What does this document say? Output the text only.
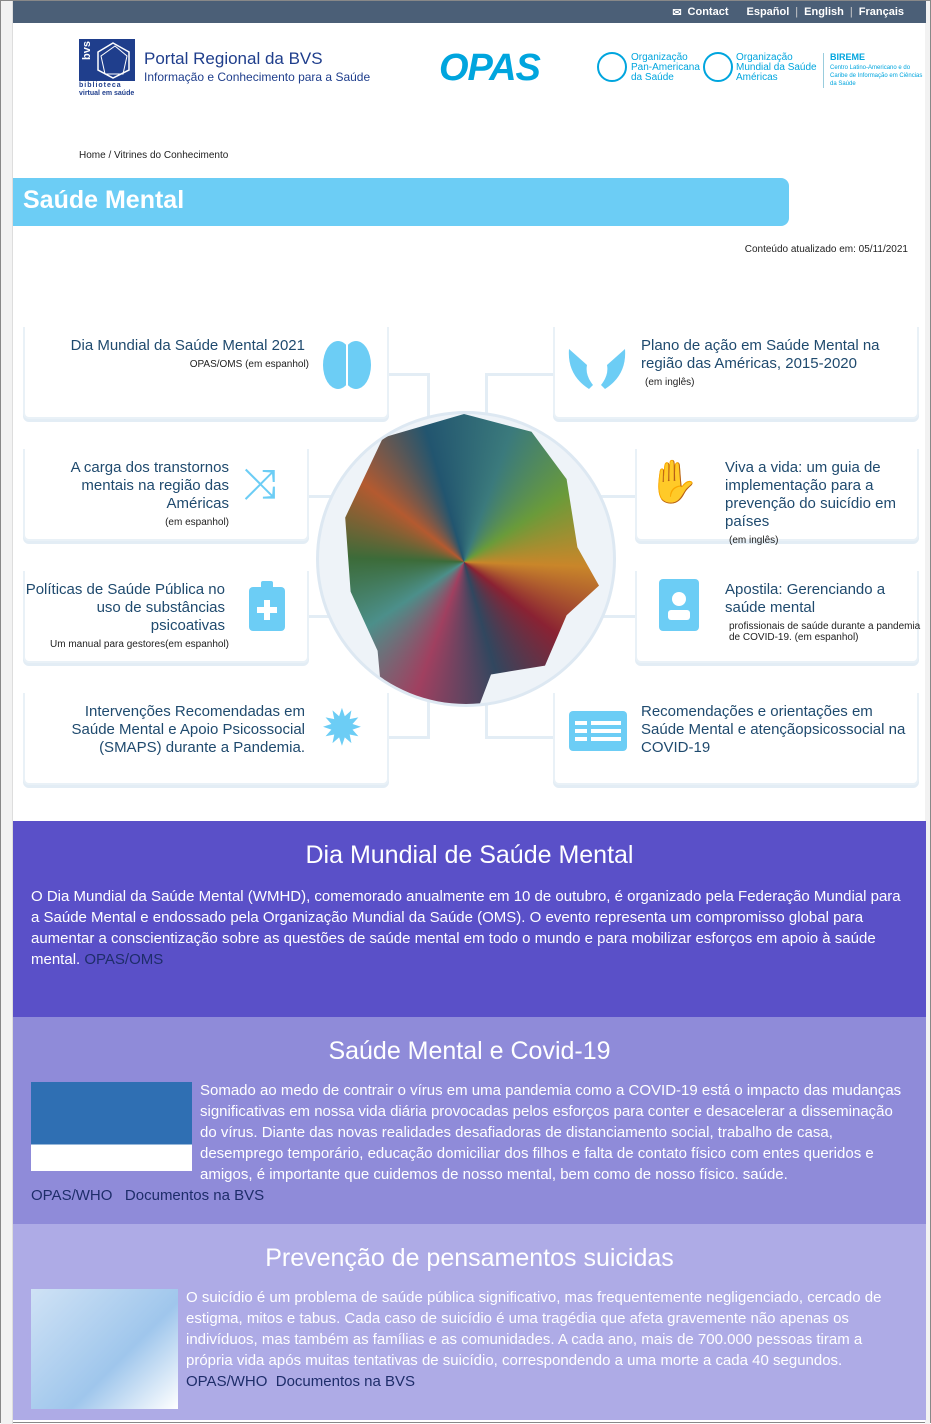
✉ Contact Español | English | Français
bvs
biblioteca
virtual em saúde
Portal Regional da BVS
Informação e Conhecimento para a Saúde OPAS	Organização
Pan-Americana
da Saúde
Organização
Mundial da Saúde
Américas
BIREME
Centro Latino-Americano e do Caribe de Informação em Ciências da Saúde
Home / Vitrines do Conhecimento
Saúde Mental
Conteúdo atualizado em: 05/11/2021
Dia Mundial da Saúde Mental 2021
OPAS/OMS (em espanhol)
A carga dos transtornos mentais na região das Américas
(em espanhol)
⤨
Políticas de Saúde Pública no uso de substâncias psicoativas
Um manual para gestores(em espanhol)
Intervenções Recomendadas em Saúde Mental e Apoio Psicossocial (SMAPS) durante a Pandemia. ✹
Plano de ação em Saúde Mental na região das Américas, 2015-2020
(em inglês)
✋ Viva a vida: um guia de implementação para a prevenção do suicídio em países
(em inglês)
Apostila: Gerenciando a saúde mental
profissionais de saúde durante a pandemia de COVID-19. (em espanhol)
Recomendações e orientações em Saúde Mental e atençãopsicossocial na COVID-19
Dia Mundial de Saúde Mental

O Dia Mundial da Saúde Mental (WMHD), comemorado anualmente em 10 de outubro, é organizado pela Federação Mundial para a Saúde Mental e endossado pela Organização Mundial da Saúde (OMS). O evento representa um compromisso global para aumentar a conscientização sobre as questões de saúde mental em todo o mundo e para mobilizar esforços em apoio à saúde mental. OPAS/OMS

Saúde Mental e Covid-19

Somado ao medo de contrair o vírus em uma pandemia como a COVID-19 está o impacto das mudanças significativas em nossa vida diária provocadas pelos esforços para conter e desacelerar a disseminação do vírus. Diante das novas realidades desafiadoras de distanciamento social, trabalho de casa, desemprego temporário, educação domiciliar dos filhos e falta de contato físico com entes queridos e amigos, é importante que cuidemos de nosso mental, bem como de nosso físico. saúde. OPAS/WHO Documentos na BVS

Prevenção de pensamentos suicidas

O suicídio é um problema de saúde pública significativo, mas frequentemente negligenciado, cercado de estigma, mitos e tabus. Cada caso de suicídio é uma tragédia que afeta gravemente não apenas os indivíduos, mas também as famílias e as comunidades. A cada ano, mais de 700.000 pessoas tiram a própria vida após muitas tentativas de suicídio, correspondendo a uma morte a cada 40 segundos. OPAS/WHO Documentos na BVS
